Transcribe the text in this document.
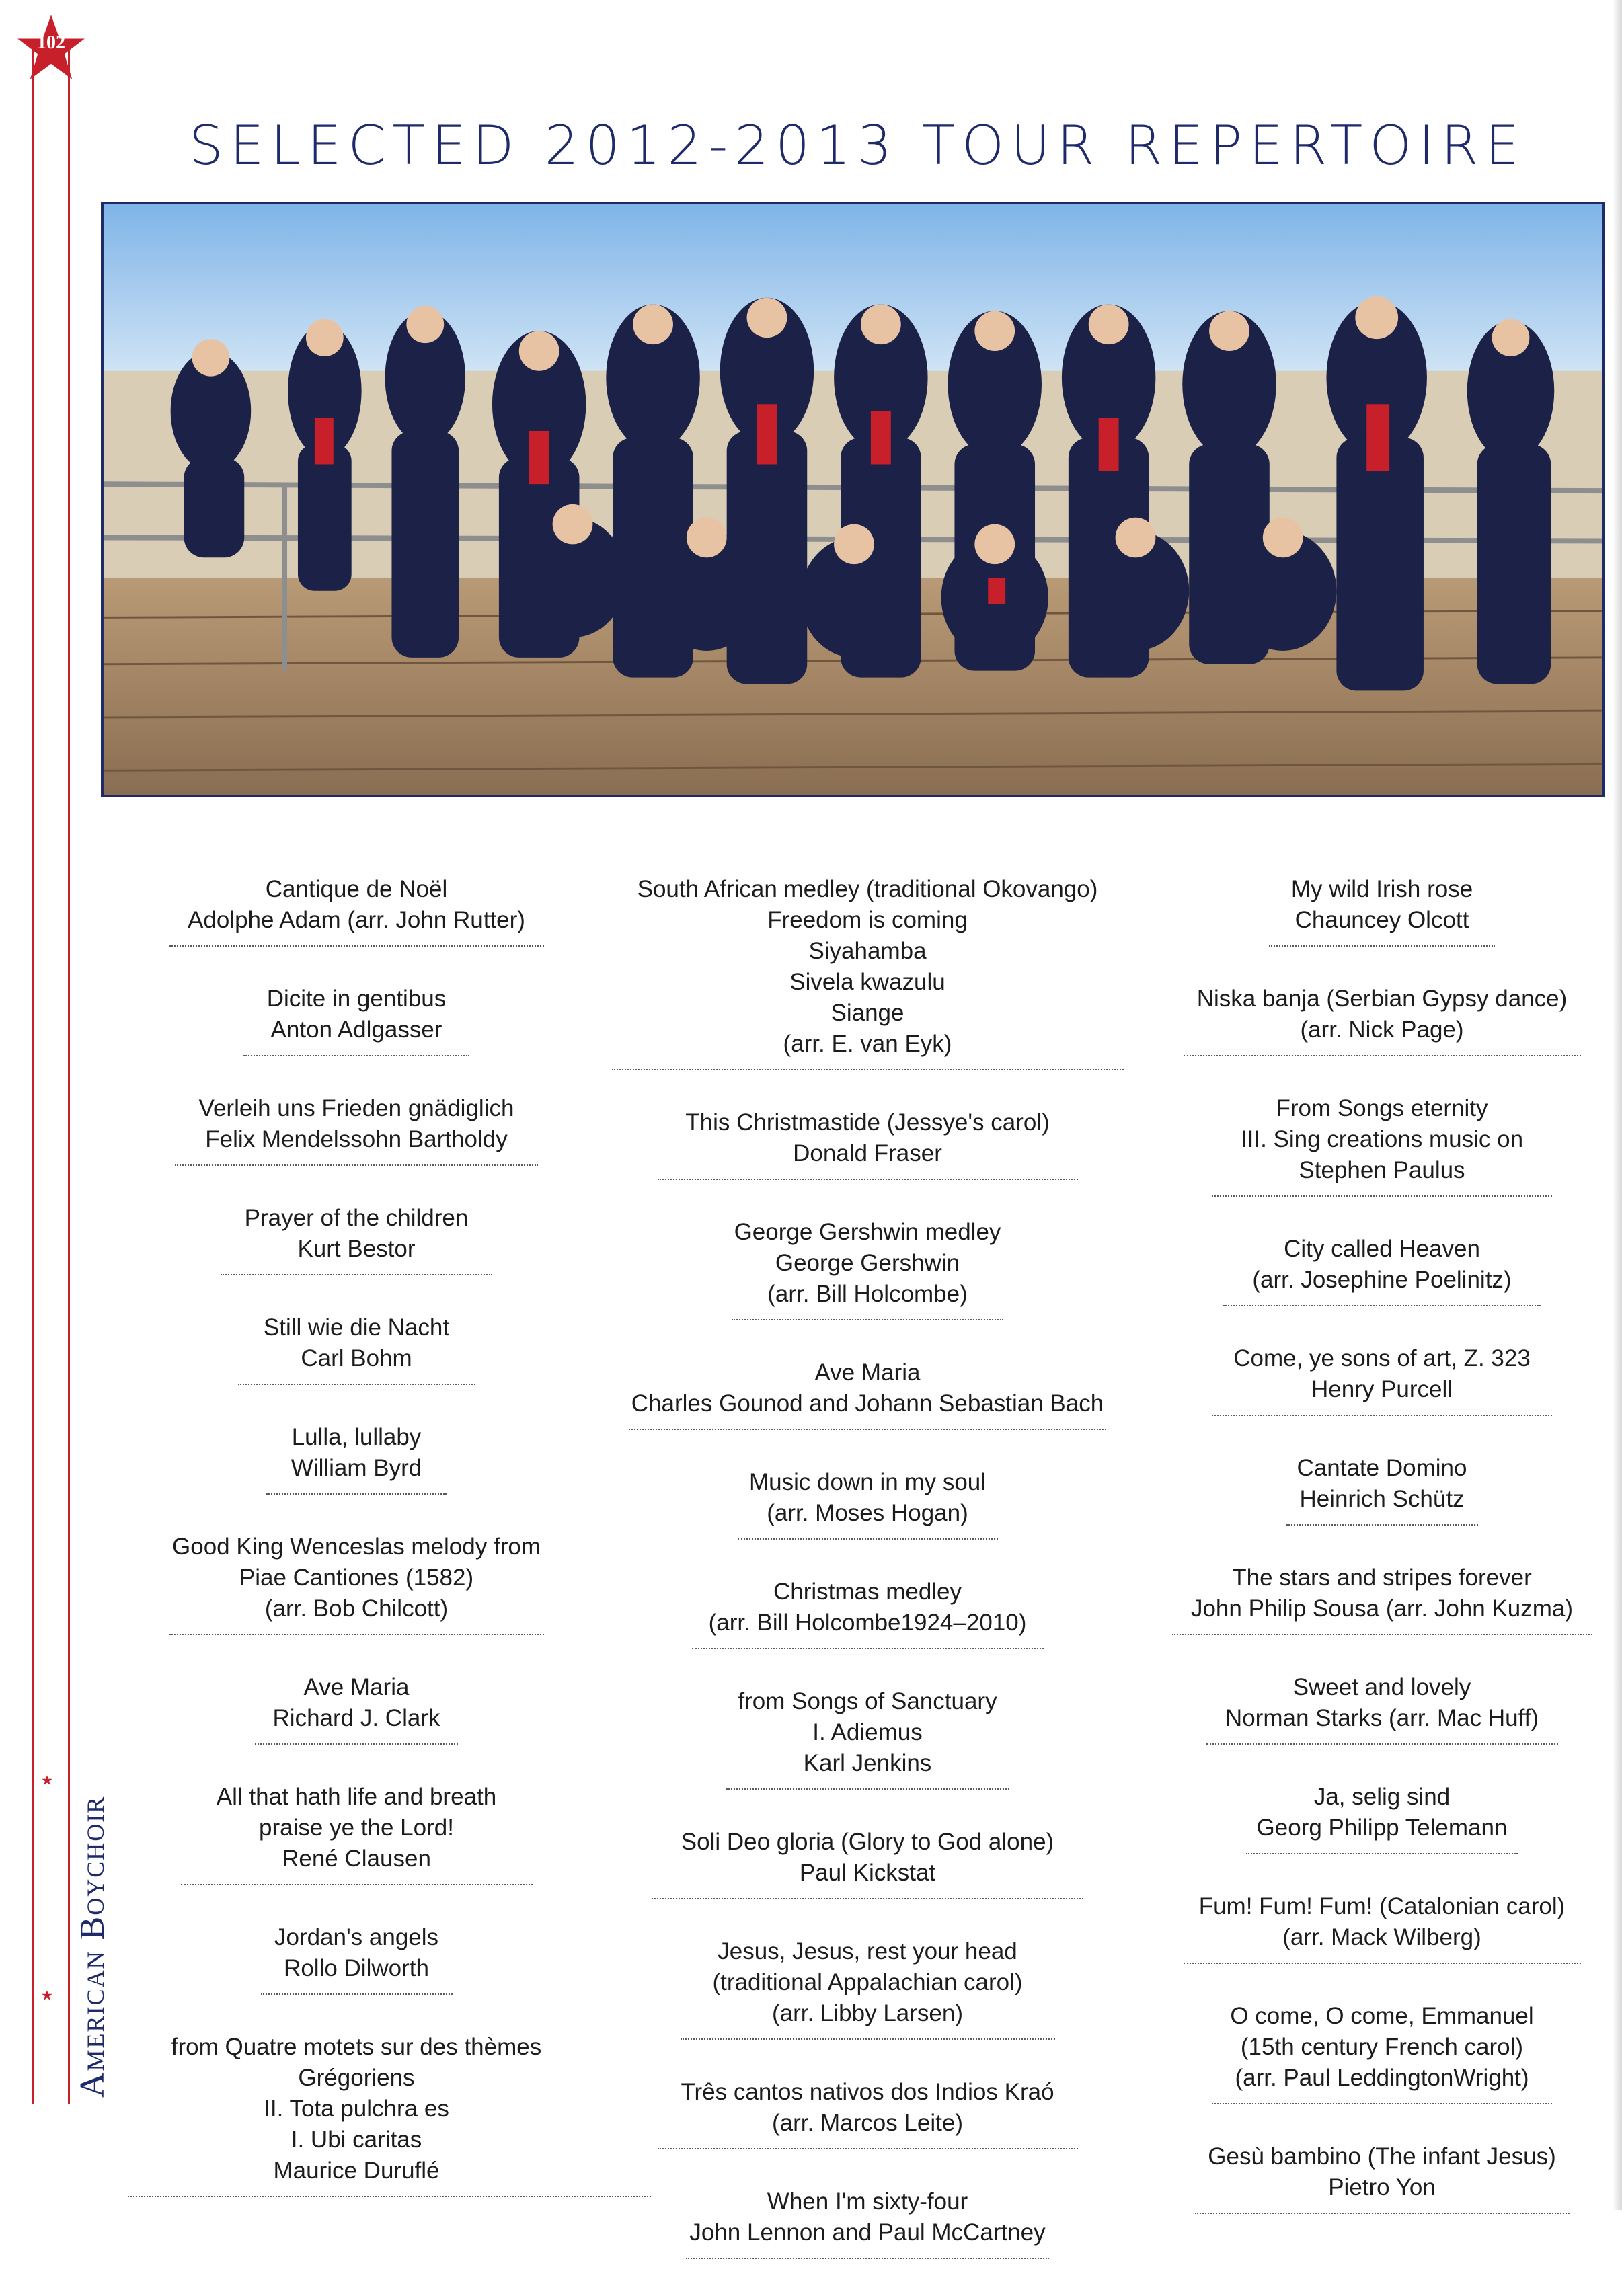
102
American Boychoir
SELECTED 2012-2013 TOUR REPERTOIRE
Cantique de Noël
Adolphe Adam (arr. John Rutter)
Dicite in gentibus
Anton Adlgasser
Verleih uns Frieden gnädiglich
Felix Mendelssohn Bartholdy
Prayer of the children
Kurt Bestor
Still wie die Nacht
Carl Bohm
Lulla, lullaby
William Byrd
Good King Wenceslas melody from
Piae Cantiones (1582)
(arr. Bob Chilcott)
Ave Maria
Richard J. Clark
All that hath life and breath
praise ye the Lord!
René Clausen
Jordan's angels
Rollo Dilworth
from Quatre motets sur des thèmes Grégoriens
II. Tota pulchra es
I. Ubi caritas
Maurice Duruflé
South African medley (traditional Okovango)
Freedom is coming
Siyahamba
Sivela kwazulu
Siange
(arr. E. van Eyk)
This Christmastide (Jessye's carol)
Donald Fraser
George Gershwin medley
George Gershwin
(arr. Bill Holcombe)
Ave Maria
Charles Gounod and Johann Sebastian Bach
Music down in my soul
(arr. Moses Hogan)
Christmas medley
(arr. Bill Holcombe1924–2010)
from Songs of Sanctuary
I. Adiemus
Karl Jenkins
Soli Deo gloria (Glory to God alone)
Paul Kickstat
Jesus, Jesus, rest your head
(traditional Appalachian carol)
(arr. Libby Larsen)
Três cantos nativos dos Indios Kraó
(arr. Marcos Leite)
When I'm sixty-four
John Lennon and Paul McCartney
My wild Irish rose
Chauncey Olcott
Niska banja (Serbian Gypsy dance)
(arr. Nick Page)
From Songs eternity
III. Sing creations music on
Stephen Paulus
City called Heaven
(arr. Josephine Poelinitz)
Come, ye sons of art, Z. 323
Henry Purcell
Cantate Domino
Heinrich Schütz
The stars and stripes forever
John Philip Sousa (arr. John Kuzma)
Sweet and lovely
Norman Starks (arr. Mac Huff)
Ja, selig sind
Georg Philipp Telemann
Fum! Fum! Fum! (Catalonian carol)
(arr. Mack Wilberg)
O come, O come, Emmanuel
(15th century French carol)
(arr. Paul LeddingtonWright)
Gesù bambino (The infant Jesus)
Pietro Yon
